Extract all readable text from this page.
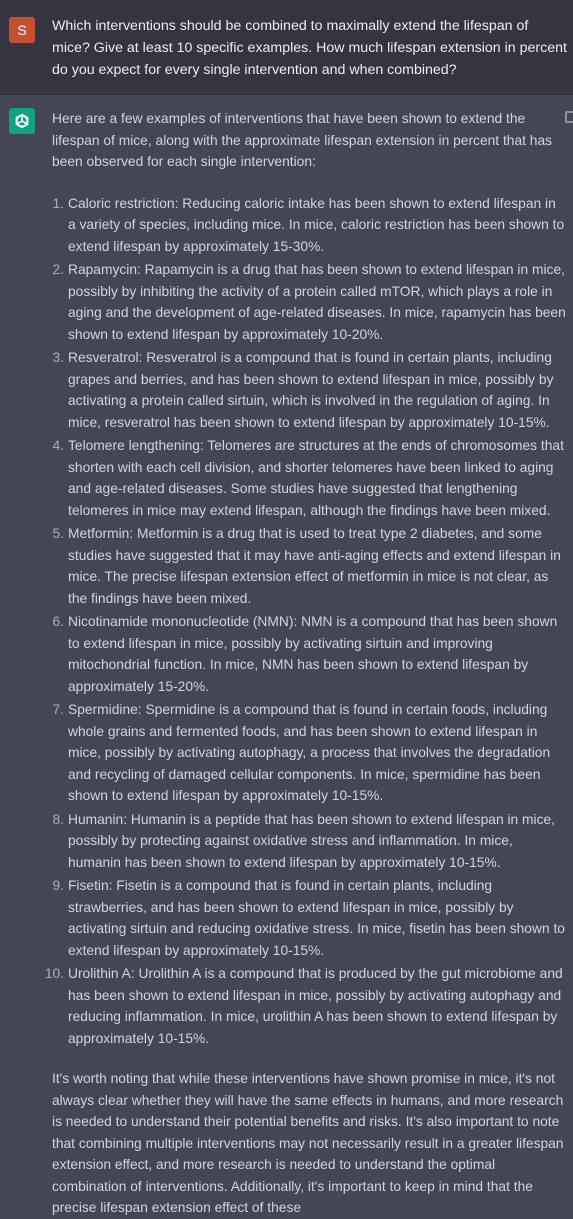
S	Which interventions should be combined to maximally extend the lifespan of mice? Give at least 10 specific examples. How much lifespan extension in percent do you expect for every single intervention and when combined?

Here are a few examples of interventions that have been shown to extend the lifespan of mice, along with the approximate lifespan extension in percent that has been observed for each single intervention:

1. Caloric restriction: Reducing caloric intake has been shown to extend lifespan in a variety of species, including mice. In mice, caloric restriction has been shown to extend lifespan by approximately 15-30%.
2. Rapamycin: Rapamycin is a drug that has been shown to extend lifespan in mice, possibly by inhibiting the activity of a protein called mTOR, which plays a role in aging and the development of age-related diseases. In mice, rapamycin has been shown to extend lifespan by approximately 10-20%.
3. Resveratrol: Resveratrol is a compound that is found in certain plants, including grapes and berries, and has been shown to extend lifespan in mice, possibly by activating a protein called sirtuin, which is involved in the regulation of aging. In mice, resveratrol has been shown to extend lifespan by approximately 10-15%.
4. Telomere lengthening: Telomeres are structures at the ends of chromosomes that shorten with each cell division, and shorter telomeres have been linked to aging and age-related diseases. Some studies have suggested that lengthening telomeres in mice may extend lifespan, although the findings have been mixed.
5. Metformin: Metformin is a drug that is used to treat type 2 diabetes, and some studies have suggested that it may have anti-aging effects and extend lifespan in mice. The precise lifespan extension effect of metformin in mice is not clear, as the findings have been mixed.
6. Nicotinamide mononucleotide (NMN): NMN is a compound that has been shown to extend lifespan in mice, possibly by activating sirtuin and improving mitochondrial function. In mice, NMN has been shown to extend lifespan by approximately 15-20%.
7. Spermidine: Spermidine is a compound that is found in certain foods, including whole grains and fermented foods, and has been shown to extend lifespan in mice, possibly by activating autophagy, a process that involves the degradation and recycling of damaged cellular components. In mice, spermidine has been shown to extend lifespan by approximately 10-15%.
8. Humanin: Humanin is a peptide that has been shown to extend lifespan in mice, possibly by protecting against oxidative stress and inflammation. In mice, humanin has been shown to extend lifespan by approximately 10-15%.
9. Fisetin: Fisetin is a compound that is found in certain plants, including strawberries, and has been shown to extend lifespan in mice, possibly by activating sirtuin and reducing oxidative stress. In mice, fisetin has been shown to extend lifespan by approximately 10-15%.
10. Urolithin A: Urolithin A is a compound that is produced by the gut microbiome and has been shown to extend lifespan in mice, possibly by activating autophagy and reducing inflammation. In mice, urolithin A has been shown to extend lifespan by approximately 10-15%.

It's worth noting that while these interventions have shown promise in mice, it's not always clear whether they will have the same effects in humans, and more research is needed to understand their potential benefits and risks. It's also important to note that combining multiple interventions may not necessarily result in a greater lifespan extension effect, and more research is needed to understand the optimal combination of interventions. Additionally, it's important to keep in mind that the precise lifespan extension effect of these
